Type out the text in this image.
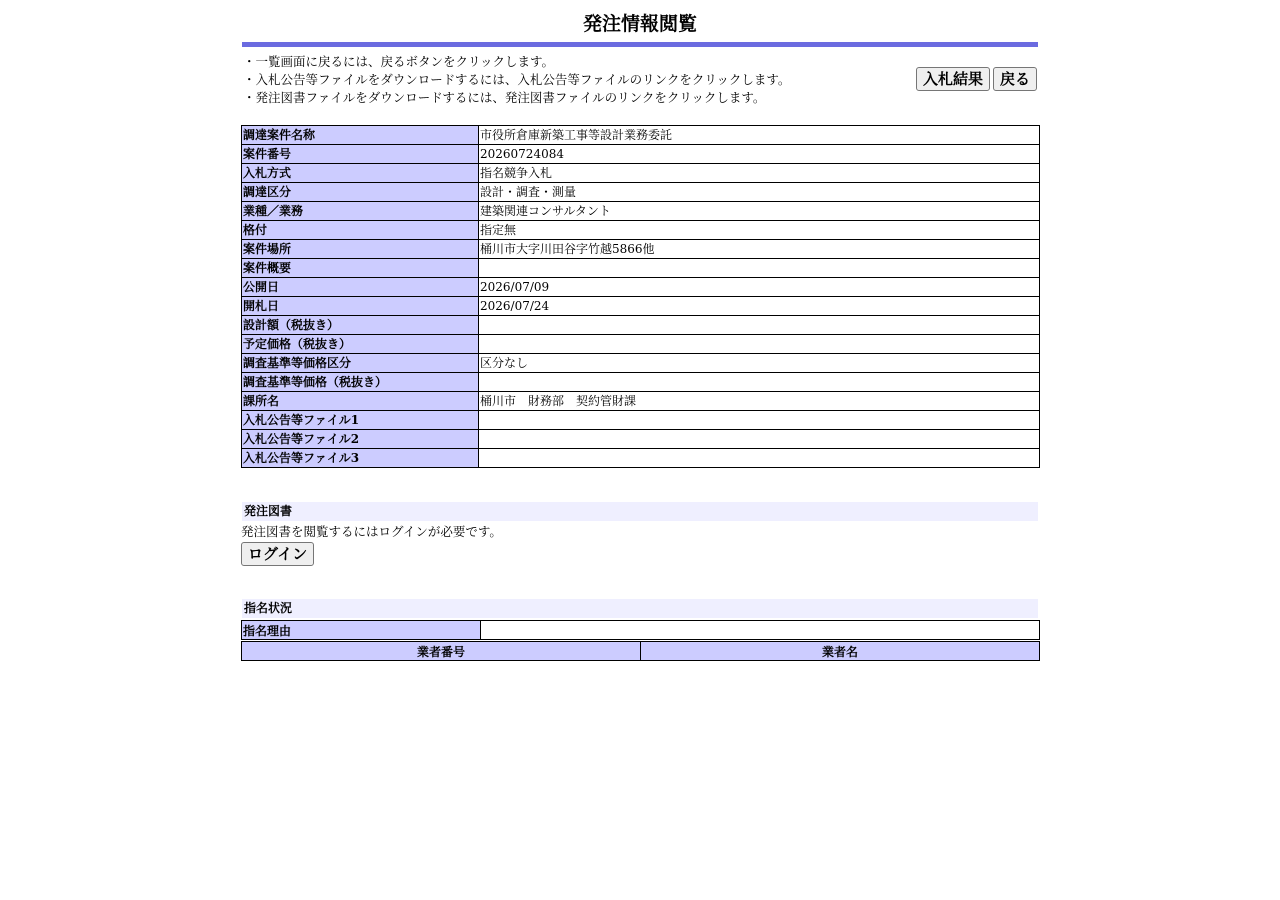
発注情報閲覧
・一覧画面に戻るには、戻るボタンをクリックします。
・入札公告等ファイルをダウンロードするには、入札公告等ファイルのリンクをクリックします。
・発注図書ファイルをダウンロードするには、発注図書ファイルのリンクをクリックします。
入札結果	戻る
調達案件名称	市役所倉庫新築工事等設計業務委託
案件番号	20260724084
入札方式	指名競争入札
調達区分	設計・調査・測量
業種／業務	建築関連コンサルタント
格付	指定無
案件場所	桶川市大字川田谷字竹越5866他
案件概要	
公開日	2026/07/09
開札日	2026/07/24
設計額（税抜き）	
予定価格（税抜き）	
調査基準等価格区分	区分なし
調査基準等価格（税抜き）	
課所名	桶川市　財務部　契約管財課
入札公告等ファイル1	
入札公告等ファイル2	
入札公告等ファイル3	
発注図書
発注図書を閲覧するにはログインが必要です。
ログイン
指名状況
指名理由	
業者番号	業者名
